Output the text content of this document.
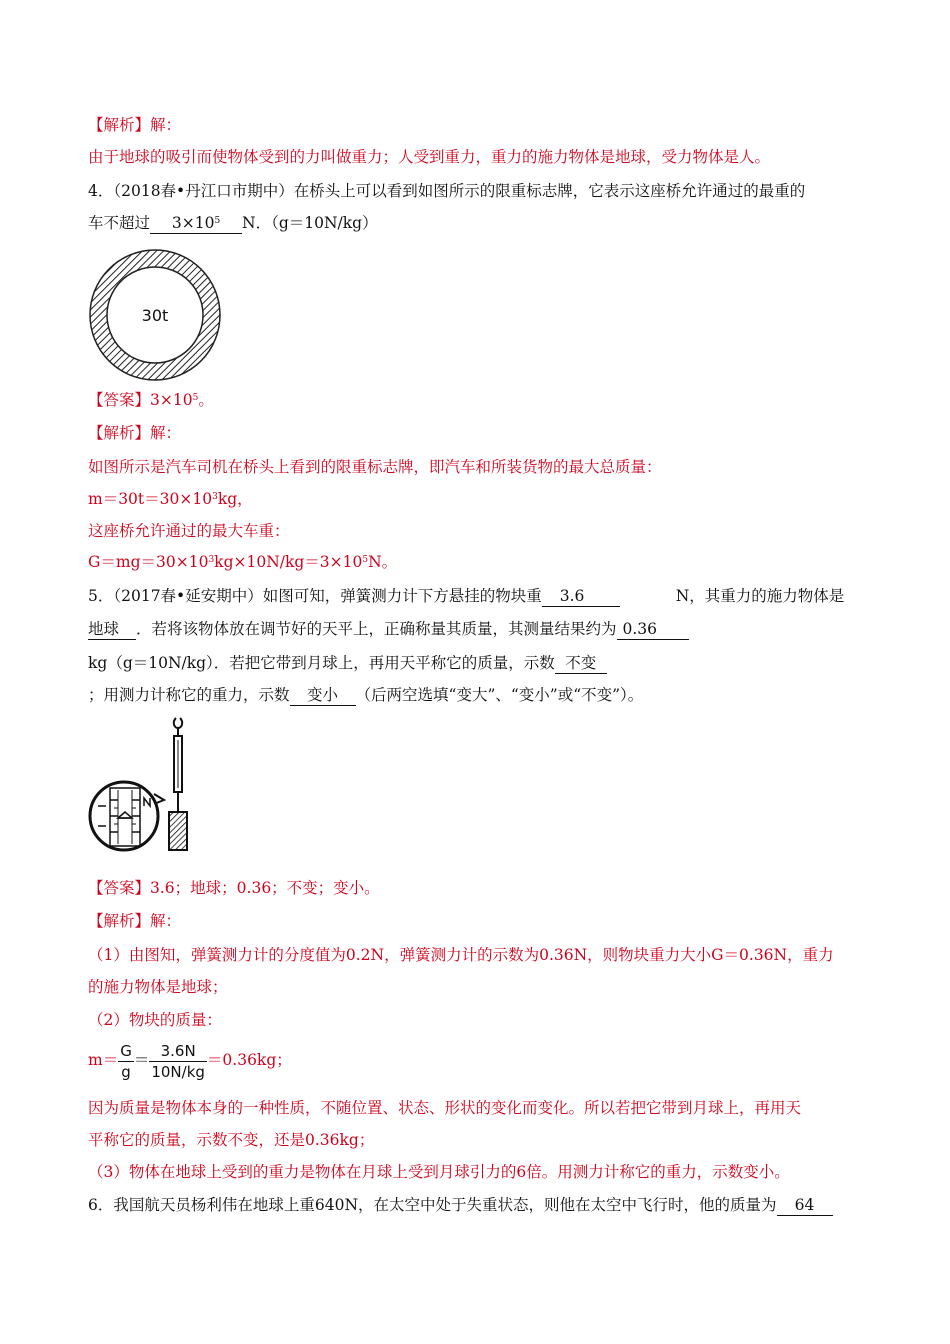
【解析】解：
由于地球的吸引而使物体受到的力叫做重力；人受到重力，重力的施力物体是地球，受力物体是人。
4．（2018春•丹江口市期中）在桥头上可以看到如图所示的限重标志牌，它表示这座桥允许通过的最重的
车不超过 $3\times 10^5$ N．（g＝10N/kg）
30t
【答案】$3\times 10^5$。
【解析】解：
如图所示是汽车司机在桥头上看到的限重标志牌，即汽车和所装货物的最大总质量：
$m=30t=30\times 10^3kg$，
这座桥允许通过的最大车重：
$G=mg=30\times 10^3kg\times 10N/kg=3\times 10^5N$。
5．（2017春•延安期中）如图可知，弹簧测力计下方悬挂的物块重 3.6	N，其重力的施力物体是
地球 ．若将该物体放在调节好的天平上，正确称量其质量，其测量结果约为 0.36
kg（g＝10N/kg）．若把它带到月球上，再用天平称它的质量，示数 不变
；用测力计称它的重力，示数 变小 （后两空选填“变大”、“变小”或“不变”）。
【答案】3.6；地球；0.36；不变；变小。
【解析】解：
（1）由图知，弹簧测力计的分度值为0.2N，弹簧测力计的示数为0.36N，则物块重力大小G＝0.36N，重力
的施力物体是地球；
（2）物块的质量：
$m= \frac{G}{g} = \frac{3.6N}{10N/kg} =0.36kg$；
因为质量是物体本身的一种性质，不随位置、状态、形状的变化而变化。所以若把它带到月球上，再用天
平称它的质量，示数不变，还是0.36kg；
（3）物体在地球上受到的重力是物体在月球上受到月球引力的6倍。用测力计称它的重力，示数变小。
6．我国航天员杨利伟在地球上重640N，在太空中处于失重状态，则他在太空中飞行时，他的质量为 64
